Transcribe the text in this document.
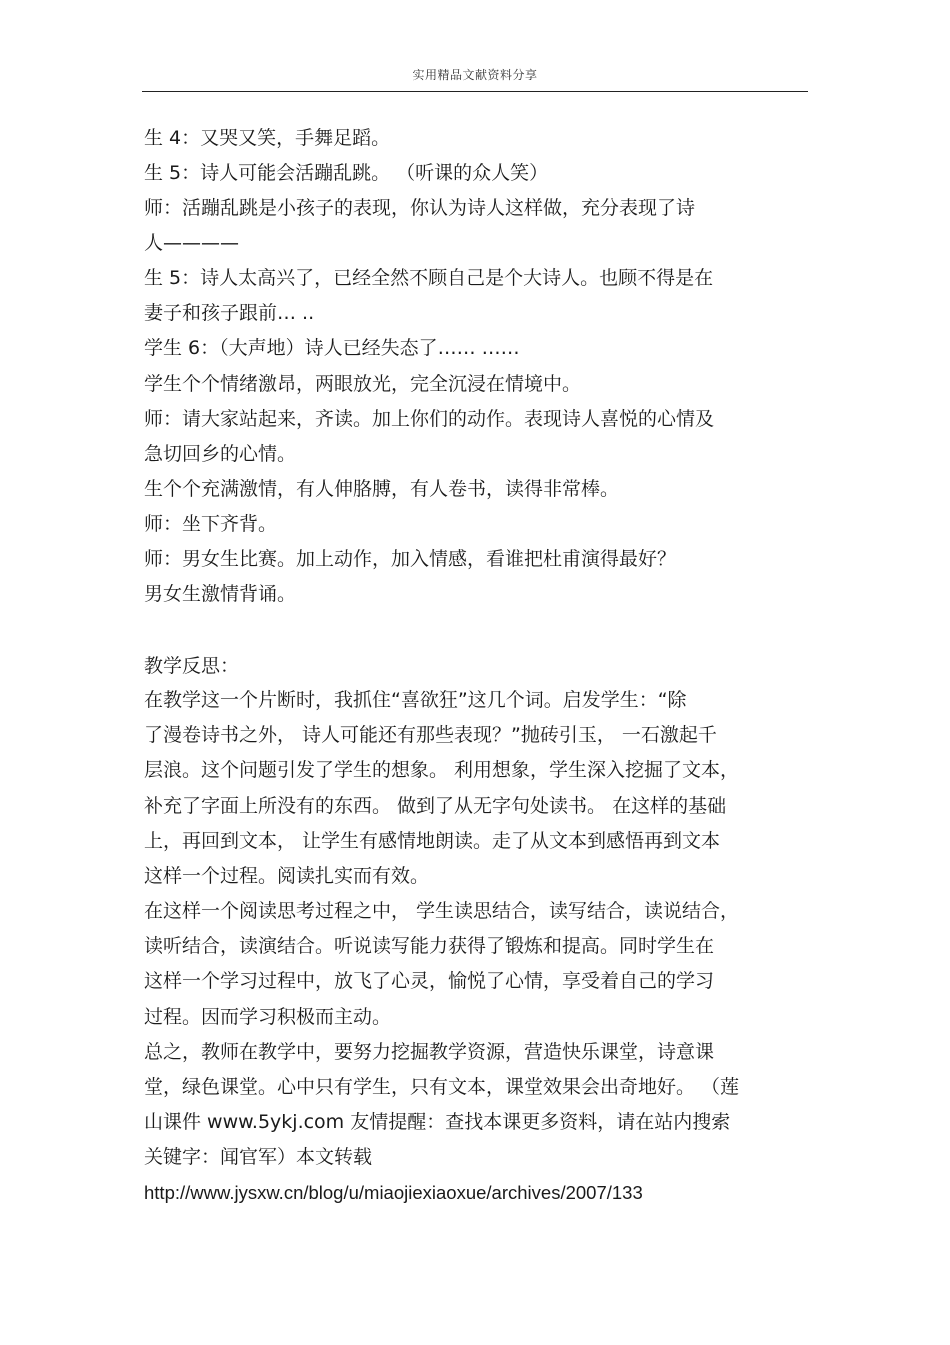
实用精品文献资料分享
生 4：又哭又笑，手舞足蹈。
生 5：诗人可能会活蹦乱跳。 （听课的众人笑）
师：活蹦乱跳是小孩子的表现，你认为诗人这样做，充分表现了诗
人————
生 5：诗人太高兴了，已经全然不顾自己是个大诗人。也顾不得是在
妻子和孩子跟前… ..
学生 6：（大声地）诗人已经失态了…… ……
学生个个情绪激昂，两眼放光，完全沉浸在情境中。
师：请大家站起来，齐读。加上你们的动作。表现诗人喜悦的心情及
急切回乡的心情。
生个个充满激情，有人伸胳膊，有人卷书，读得非常棒。
师：坐下齐背。
师：男女生比赛。加上动作，加入情感，看谁把杜甫演得最好？
男女生激情背诵。
教学反思：
在教学这一个片断时，我抓住“喜欲狂”这几个词。启发学生：“除
了漫卷诗书之外， 诗人可能还有那些表现？”抛砖引玉， 一石激起千
层浪。这个问题引发了学生的想象。 利用想象，学生深入挖掘了文本，
补充了字面上所没有的东西。 做到了从无字句处读书。 在这样的基础
上，再回到文本， 让学生有感情地朗读。走了从文本到感悟再到文本
这样一个过程。阅读扎实而有效。
在这样一个阅读思考过程之中， 学生读思结合，读写结合，读说结合，
读听结合，读演结合。听说读写能力获得了锻炼和提高。同时学生在
这样一个学习过程中，放飞了心灵，愉悦了心情，享受着自己的学习
过程。因而学习积极而主动。
总之，教师在教学中，要努力挖掘教学资源，营造快乐课堂，诗意课
堂，绿色课堂。心中只有学生，只有文本，课堂效果会出奇地好。 （莲
山课件 www.5ykj.com 友情提醒：查找本课更多资料，请在站内搜索
关键字：闻官军）本文转载
http://www.jysxw.cn/blog/u/miaojiexiaoxue/archives/2007/133
